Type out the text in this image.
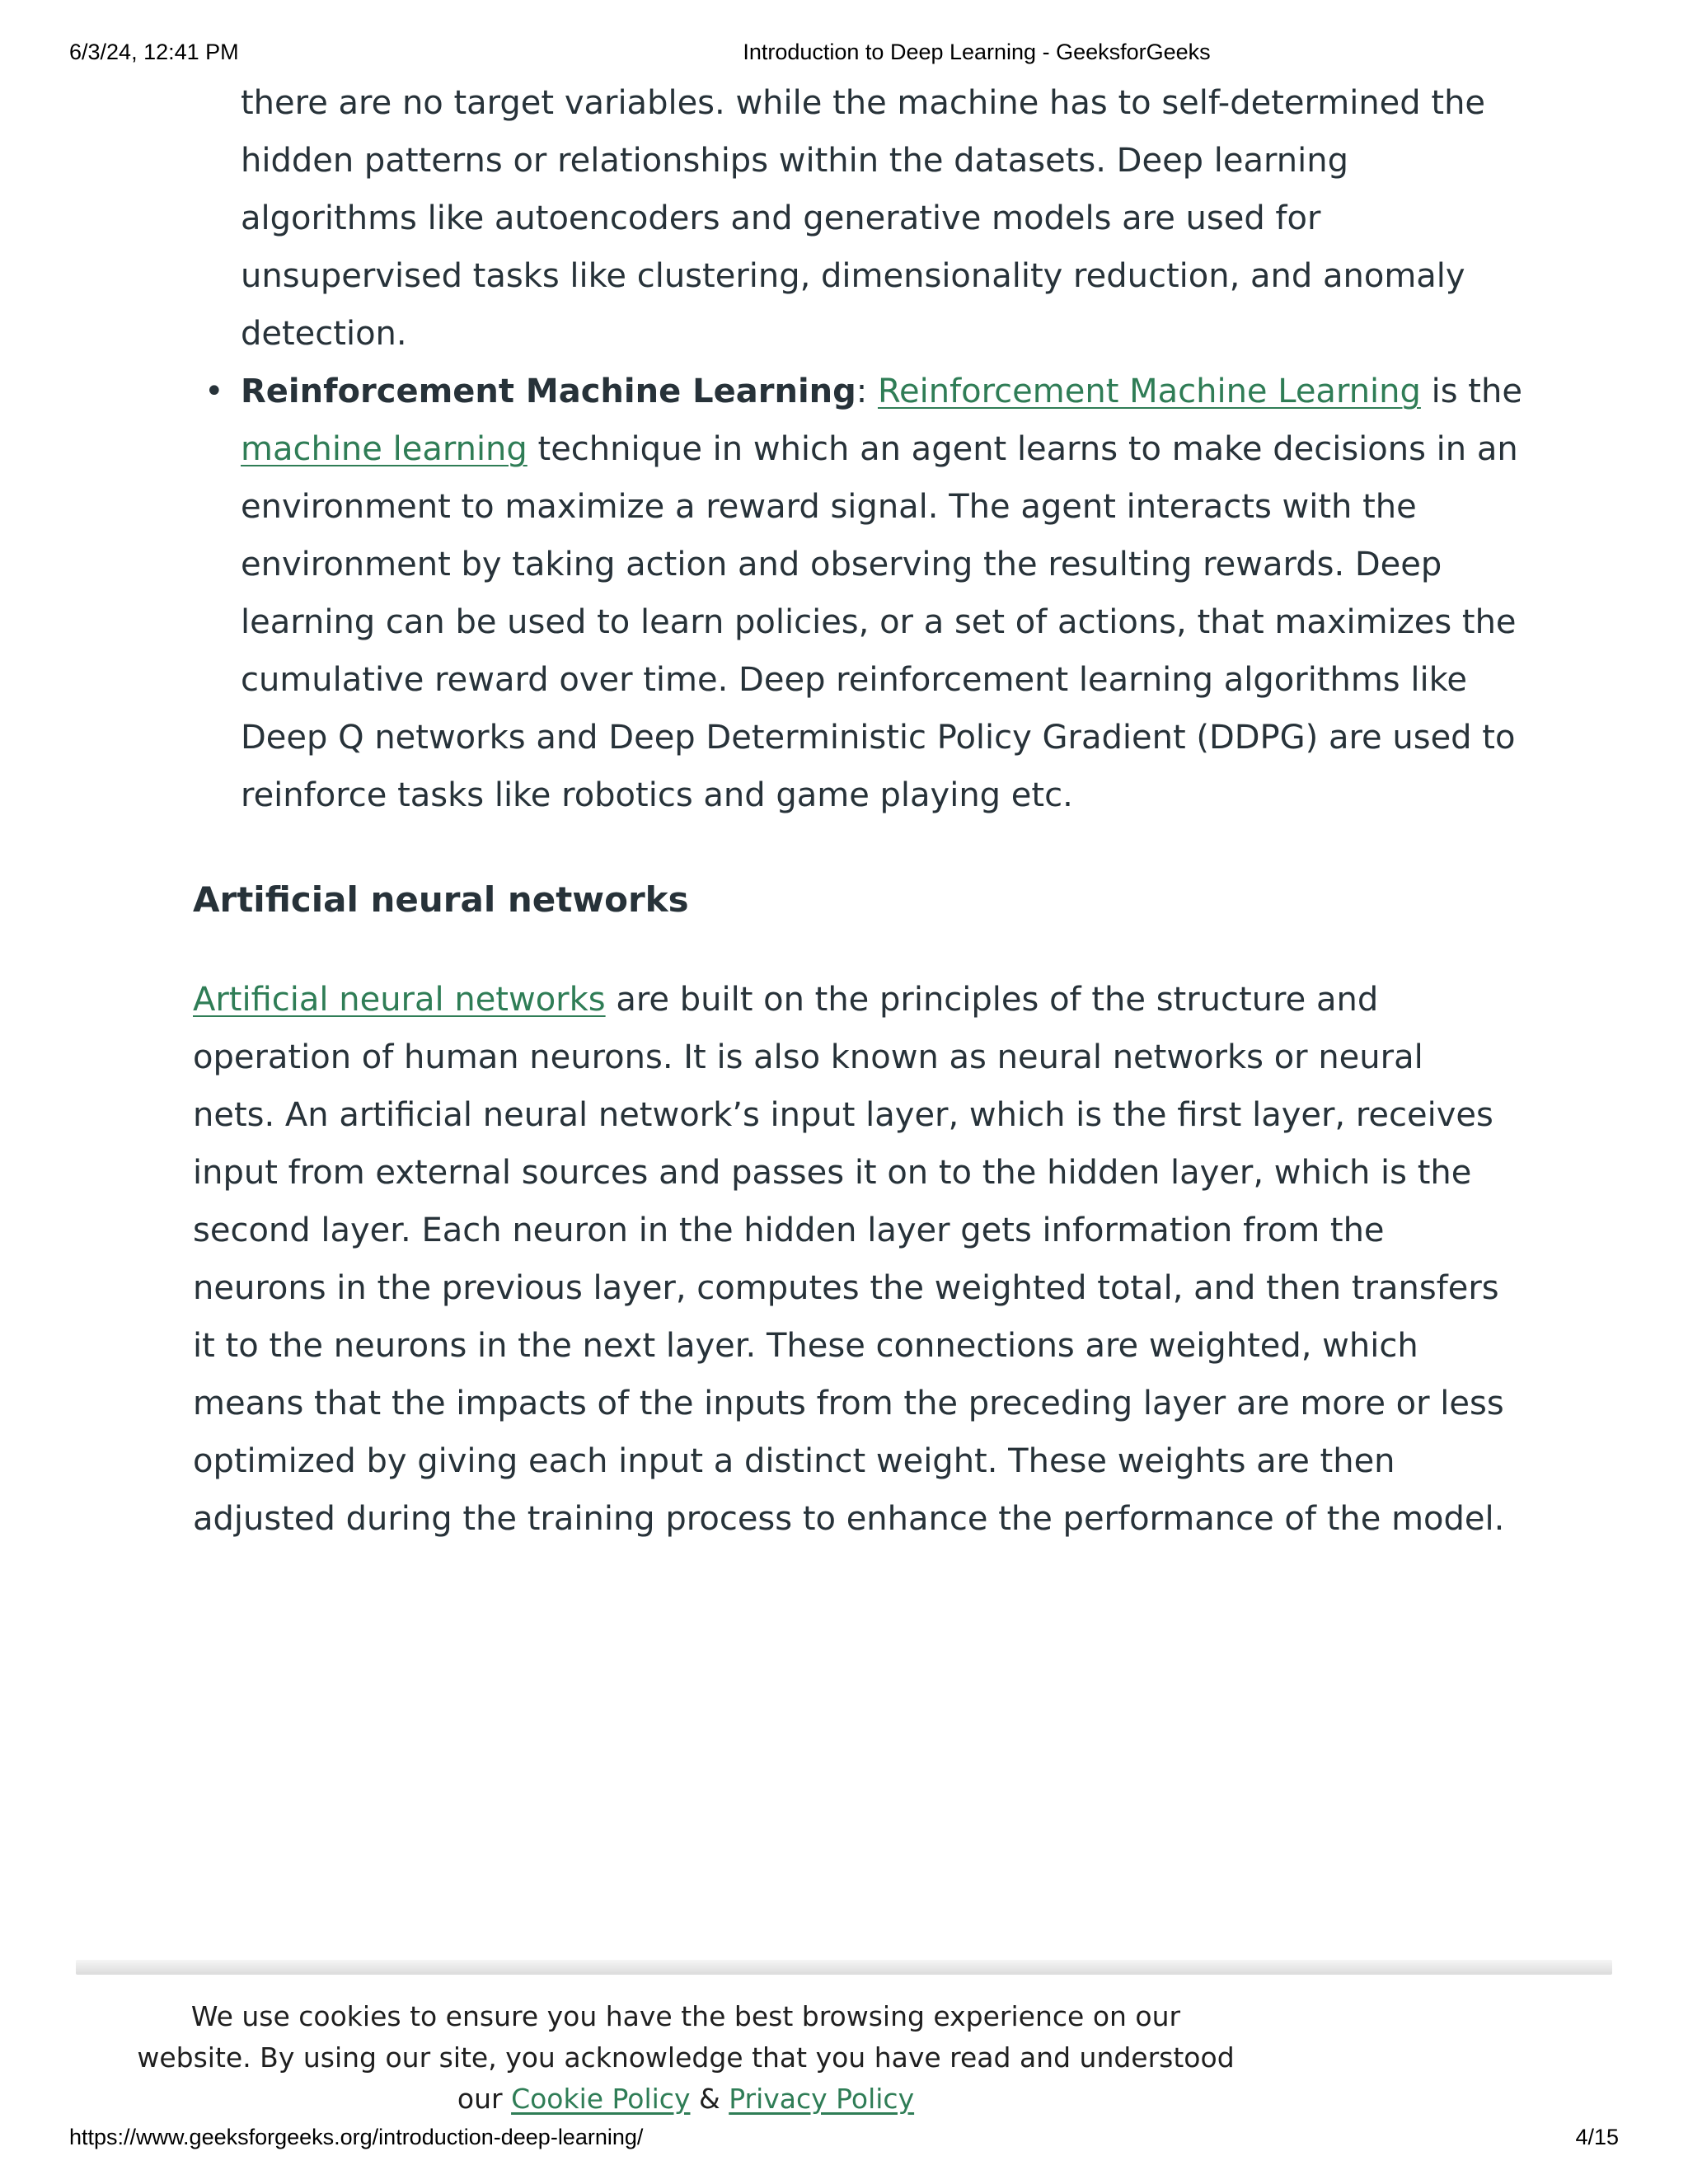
6/3/24, 12:41 PM	Introduction to Deep Learning - GeeksforGeeks

there are no target variables. while the machine has to self-determined the hidden patterns or relationships within the datasets. Deep learning algorithms like autoencoders and generative models are used for unsupervised tasks like clustering, dimensionality reduction, and anomaly detection.

• Reinforcement Machine Learning: Reinforcement Machine Learning is the machine learning technique in which an agent learns to make decisions in an environment to maximize a reward signal. The agent interacts with the environment by taking action and observing the resulting rewards. Deep learning can be used to learn policies, or a set of actions, that maximizes the cumulative reward over time. Deep reinforcement learning algorithms like Deep Q networks and Deep Deterministic Policy Gradient (DDPG) are used to reinforce tasks like robotics and game playing etc.
Artificial neural networks

Artificial neural networks are built on the principles of the structure and operation of human neurons. It is also known as neural networks or neural nets. An artificial neural network’s input layer, which is the first layer, receives input from external sources and passes it on to the hidden layer, which is the second layer. Each neuron in the hidden layer gets information from the neurons in the previous layer, computes the weighted total, and then transfers it to the neurons in the next layer. These connections are weighted, which means that the impacts of the inputs from the preceding layer are more or less optimized by giving each input a distinct weight. These weights are then adjusted during the training process to enhance the performance of the model.

We use cookies to ensure you have the best browsing experience on our website. By using our site, you acknowledge that you have read and understood our Cookie Policy & Privacy Policy
https://www.geeksforgeeks.org/introduction-deep-learning/	4/15
